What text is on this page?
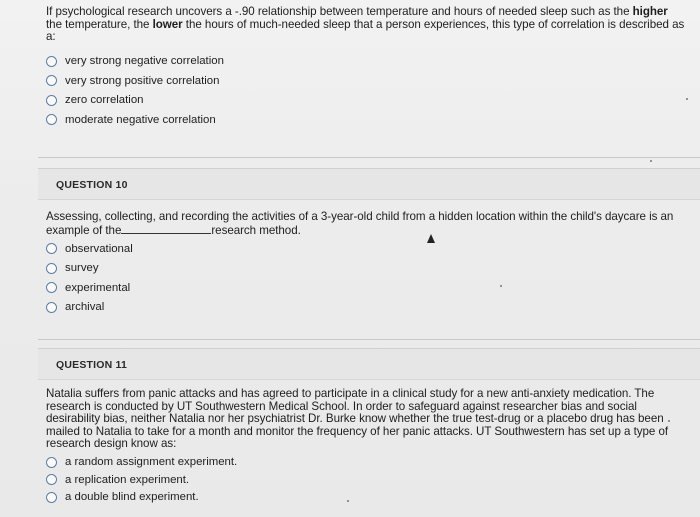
If psychological research uncovers a -.90 relationship between temperature and hours of needed sleep such as the higher the temperature, the lower the hours of much-needed sleep that a person experiences, this type of correlation is described as a:

very strong negative correlation
very strong positive correlation
zero correlation
moderate negative correlation
QUESTION 10

Assessing, collecting, and recording the activities of a 3-year-old child from a hidden location within the child's daycare is an example of the	research method.

observational
survey
experimental
archival
QUESTION 11

Natalia suffers from panic attacks and has agreed to participate in a clinical study for a new anti-anxiety medication. The research is conducted by UT Southwestern Medical School. In order to safeguard against researcher bias and social desirability bias, neither Natalia nor her psychiatrist Dr. Burke know whether the true test-drug or a placebo drug has been mailed to Natalia to take for a month and monitor the frequency of her panic attacks. UT Southwestern has set up a type of research design know as:

a random assignment experiment.
a replication experiment.
a double blind experiment.
